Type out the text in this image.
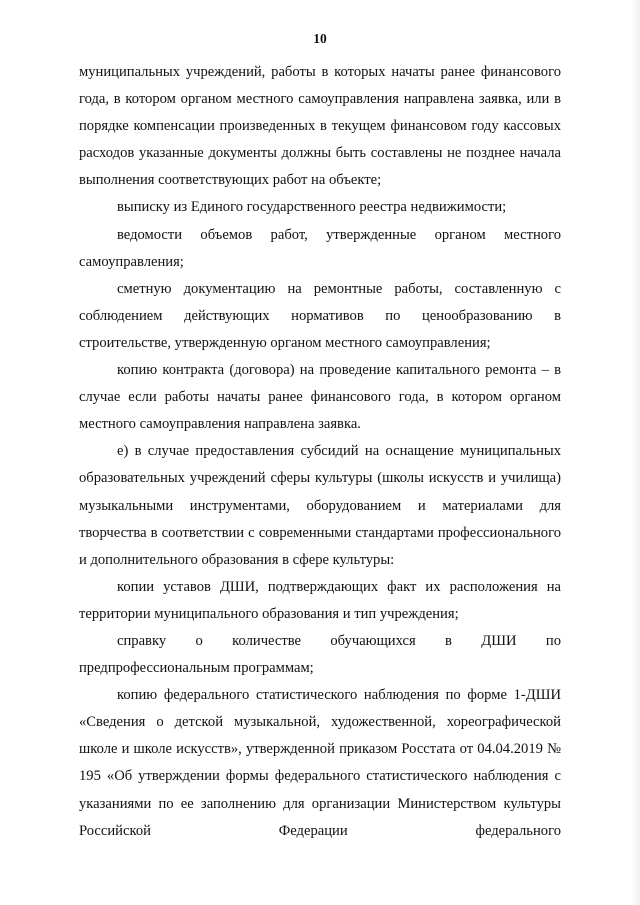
10

муниципальных учреждений, работы в которых начаты ранее финансового года, в котором органом местного самоуправления направлена заявка, или в порядке компенсации произведенных в текущем финансовом году кассовых расходов указанные документы должны быть составлены не позднее начала выполнения соответствующих работ на объекте;

выписку из Единого государственного реестра недвижимости;

ведомости объемов работ, утвержденные органом местного самоуправления;

сметную документацию на ремонтные работы, составленную с соблюдением действующих нормативов по ценообразованию в строительстве, утвержденную органом местного самоуправления;

копию контракта (договора) на проведение капитального ремонта – в случае если работы начаты ранее финансового года, в котором органом местного самоуправления направлена заявка.

е) в случае предоставления субсидий на оснащение муниципальных образовательных учреждений сферы культуры (школы искусств и училища) музыкальными инструментами, оборудованием и материалами для творчества в соответствии с современными стандартами профессионального и дополнительного образования в сфере культуры:

копии уставов ДШИ, подтверждающих факт их расположения на территории муниципального образования и тип учреждения;

справку о количестве обучающихся в ДШИ по предпрофессиональным программам;

копию федерального статистического наблюдения по форме 1-ДШИ «Сведения о детской музыкальной, художественной, хореографической школе и школе искусств», утвержденной приказом Росстата от 04.04.2019 № 195 «Об утверждении формы федерального статистического наблюдения с указаниями по ее заполнению для организации Министерством культуры Российской Федерации федерального
